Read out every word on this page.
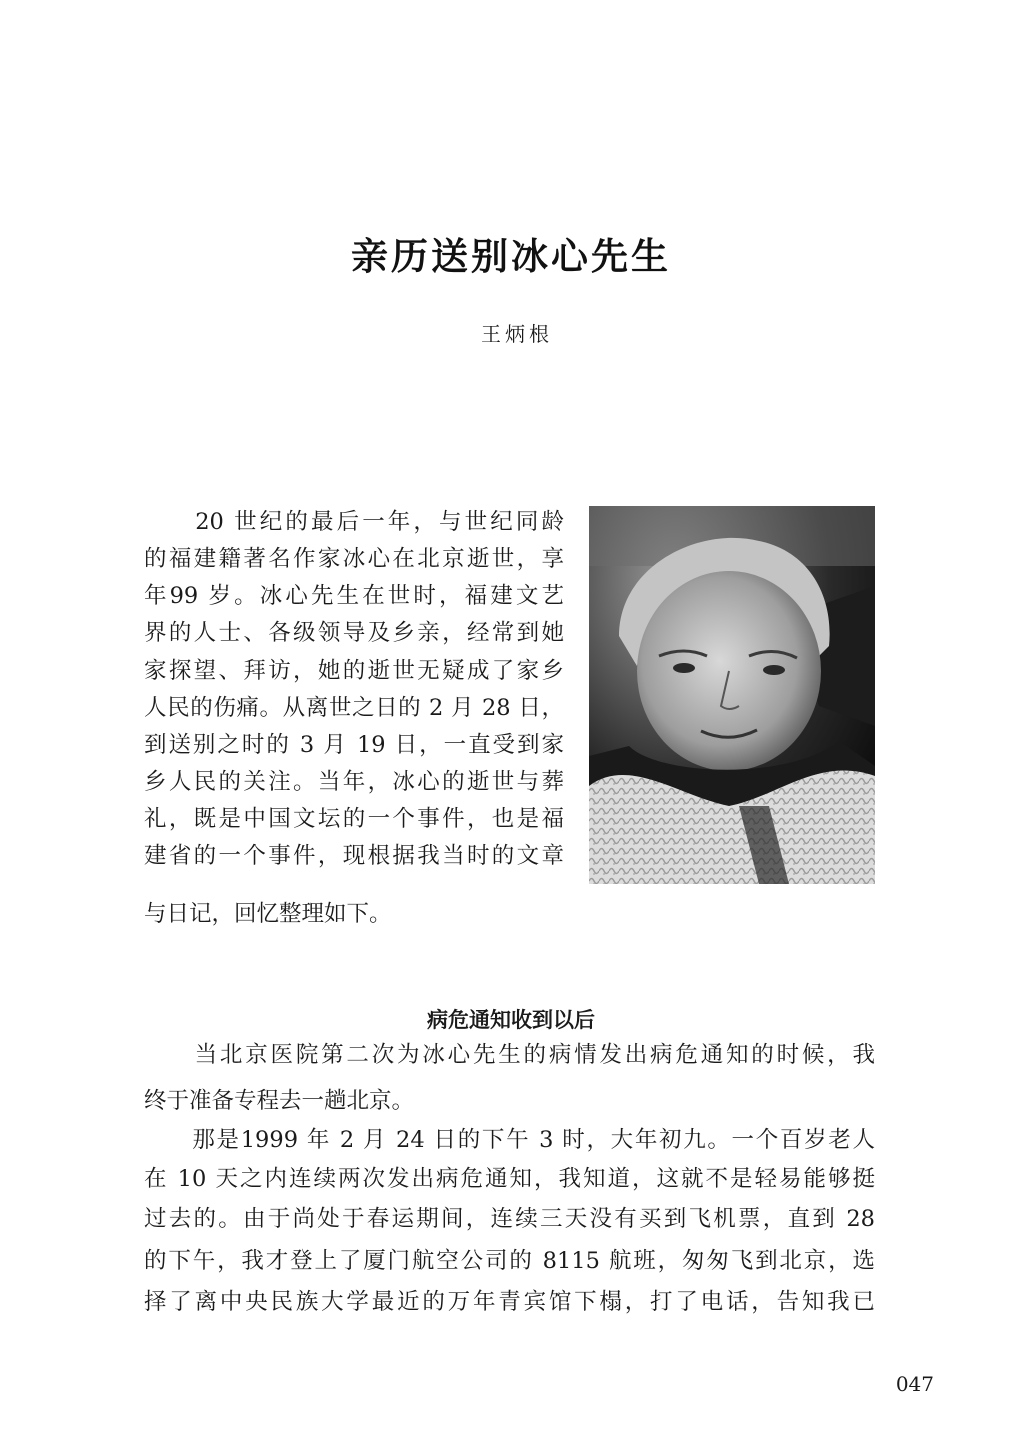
亲历送别冰心先生
王炳根
　　20 世纪的最后一年，与世纪同龄
的福建籍著名作家冰心在北京逝世，享
年99 岁。冰心先生在世时，福建文艺
界的人士、各级领导及乡亲，经常到她
家探望、拜访，她的逝世无疑成了家乡
人民的伤痛。从离世之日的 2 月 28 日，
到送别之时的 3 月 19 日，一直受到家
乡人民的关注。当年，冰心的逝世与葬
礼，既是中国文坛的一个事件，也是福
建省的一个事件，现根据我当时的文章
与日记，回忆整理如下。
病危通知收到以后
　　当北京医院第二次为冰心先生的病情发出病危通知的时候，我
终于准备专程去一趟北京。
　　那是1999 年 2 月 24 日的下午 3 时，大年初九。一个百岁老人
在 10 天之内连续两次发出病危通知，我知道，这就不是轻易能够挺
过去的。由于尚处于春运期间，连续三天没有买到飞机票，直到 28
的下午，我才登上了厦门航空公司的 8115 航班，匆匆飞到北京，选
择了离中央民族大学最近的万年青宾馆下榻，打了电话，告知我已
047
